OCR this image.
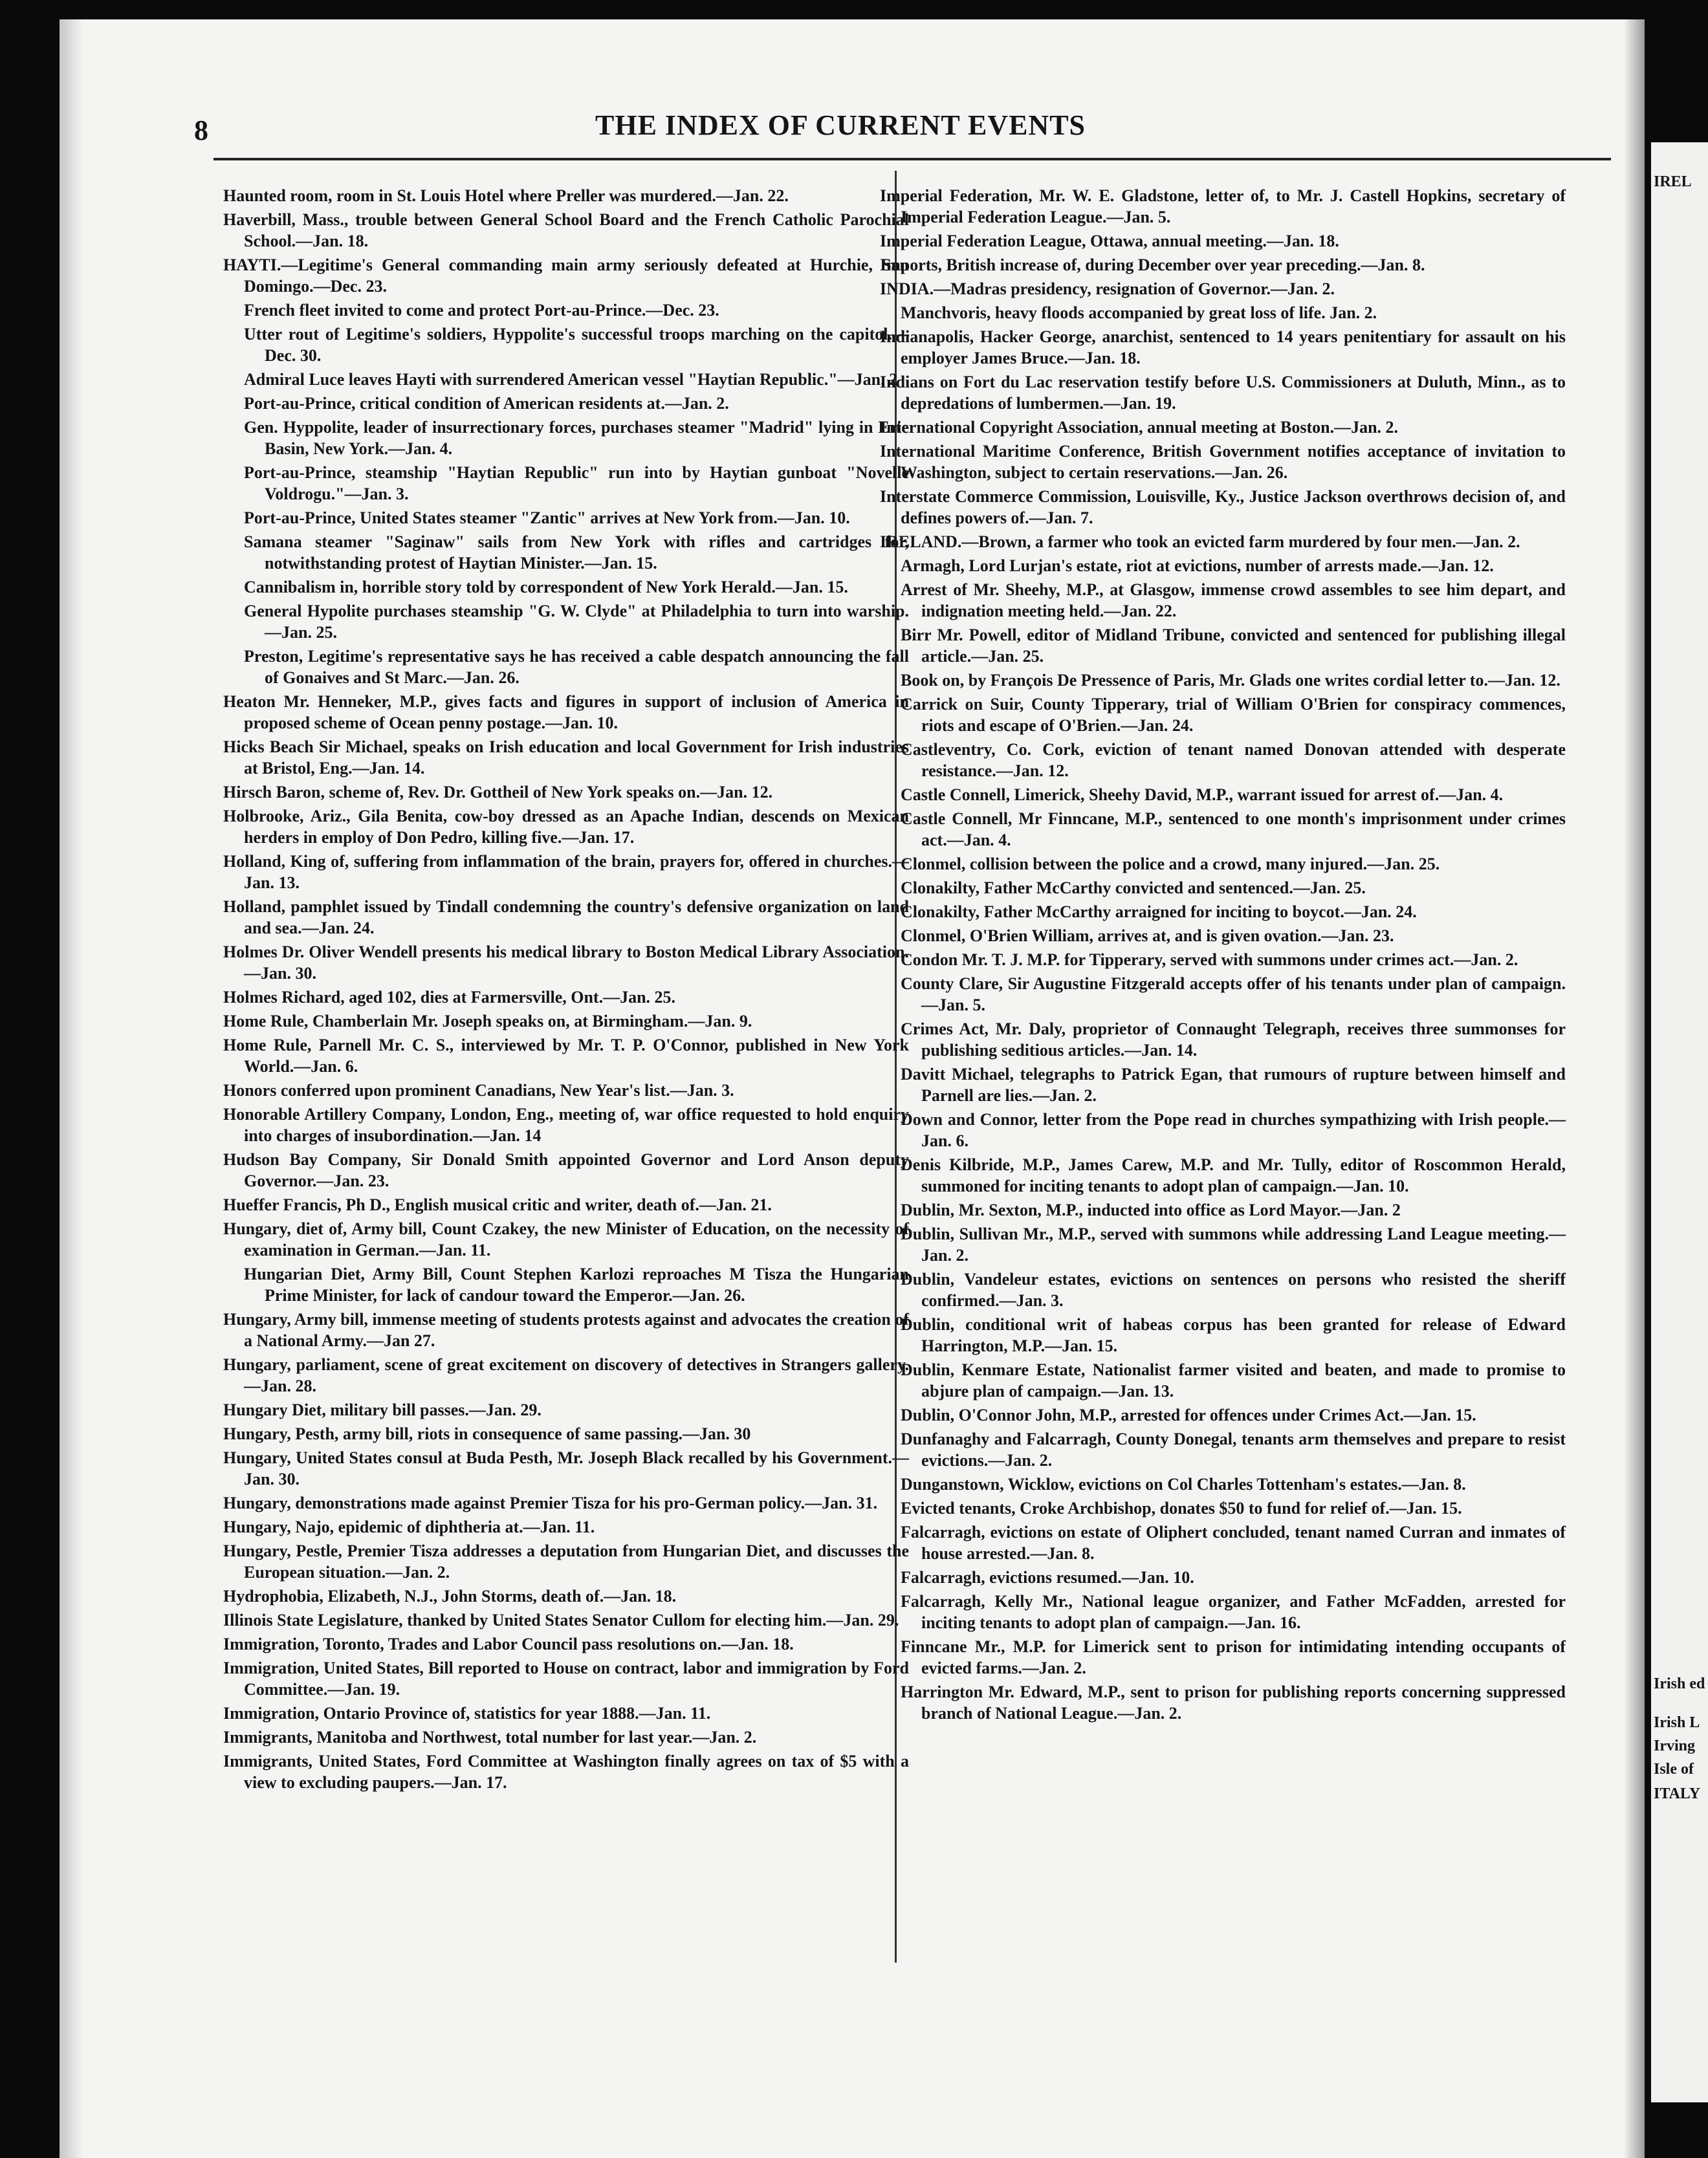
8	THE INDEX OF CURRENT EVENTS
Haunted room, room in St. Louis Hotel where Preller was murdered.—Jan. 22.
Haverbill, Mass., trouble between General School Board and the French Catholic Parochial School.—Jan. 18.
HAYTI.—Legitime's General commanding main army seriously defeated at Hurchie, San Domingo.—Dec. 23.
French fleet invited to come and protect Port-au-Prince.—Dec. 23.
Utter rout of Legitime's soldiers, Hyppolite's successful troops marching on the capitol.—Dec. 30.
Admiral Luce leaves Hayti with surrendered American vessel "Haytian Republic."—Jan. 2
Port-au-Prince, critical condition of American residents at.—Jan. 2.
Gen. Hyppolite, leader of insurrectionary forces, purchases steamer "Madrid" lying in Erie Basin, New York.—Jan. 4.
Port-au-Prince, steamship "Haytian Republic" run into by Haytian gunboat "Novelle Voldrogu."—Jan. 3.
Port-au-Prince, United States steamer "Zantic" arrives at New York from.—Jan. 10.
Samana steamer "Saginaw" sails from New York with rifles and cartridges for, notwithstanding protest of Haytian Minister.—Jan. 15.
Cannibalism in, horrible story told by correspondent of New York Herald.—Jan. 15.
General Hypolite purchases steamship "G. W. Clyde" at Philadelphia to turn into warship.—Jan. 25.
Preston, Legitime's representative says he has received a cable despatch announcing the fall of Gonaives and St Marc.—Jan. 26.
Heaton Mr. Henneker, M.P., gives facts and figures in support of inclusion of America in proposed scheme of Ocean penny postage.—Jan. 10.
Hicks Beach Sir Michael, speaks on Irish education and local Government for Irish industries at Bristol, Eng.—Jan. 14.
Hirsch Baron, scheme of, Rev. Dr. Gottheil of New York speaks on.—Jan. 12.
Holbrooke, Ariz., Gila Benita, cow-boy dressed as an Apache Indian, descends on Mexican herders in employ of Don Pedro, killing five.—Jan. 17.
Holland, King of, suffering from inflammation of the brain, prayers for, offered in churches.—Jan. 13.
Holland, pamphlet issued by Tindall condemning the country's defensive organization on land and sea.—Jan. 24.
Holmes Dr. Oliver Wendell presents his medical library to Boston Medical Library Association.—Jan. 30.
Holmes Richard, aged 102, dies at Farmersville, Ont.—Jan. 25.
Home Rule, Chamberlain Mr. Joseph speaks on, at Birmingham.—Jan. 9.
Home Rule, Parnell Mr. C. S., interviewed by Mr. T. P. O'Connor, published in New York World.—Jan. 6.
Honors conferred upon prominent Canadians, New Year's list.—Jan. 3.
Honorable Artillery Company, London, Eng., meeting of, war office requested to hold enquiry into charges of insubordination.—Jan. 14
Hudson Bay Company, Sir Donald Smith appointed Governor and Lord Anson deputy Governor.—Jan. 23.
Hueffer Francis, Ph D., English musical critic and writer, death of.—Jan. 21.
Hungary, diet of, Army bill, Count Czakey, the new Minister of Education, on the necessity of examination in German.—Jan. 11.
Hungarian Diet, Army Bill, Count Stephen Karlozi reproaches M Tisza the Hungarian Prime Minister, for lack of candour toward the Emperor.—Jan. 26.
Hungary, Army bill, immense meeting of students protests against and advocates the creation of a National Army.—Jan 27.
Hungary, parliament, scene of great excitement on discovery of detectives in Strangers gallery.—Jan. 28.
Hungary Diet, military bill passes.—Jan. 29.
Hungary, Pesth, army bill, riots in consequence of same passing.—Jan. 30
Hungary, United States consul at Buda Pesth, Mr. Joseph Black recalled by his Government.—Jan. 30.
Hungary, demonstrations made against Premier Tisza for his pro-German policy.—Jan. 31.
Hungary, Najo, epidemic of diphtheria at.—Jan. 11.
Hungary, Pestle, Premier Tisza addresses a deputation from Hungarian Diet, and discusses the European situation.—Jan. 2.
Hydrophobia, Elizabeth, N.J., John Storms, death of.—Jan. 18.
Illinois State Legislature, thanked by United States Senator Cullom for electing him.—Jan. 29.
Immigration, Toronto, Trades and Labor Council pass resolutions on.—Jan. 18.
Immigration, United States, Bill reported to House on contract, labor and immigration by Ford Committee.—Jan. 19.
Immigration, Ontario Province of, statistics for year 1888.—Jan. 11.
Immigrants, Manitoba and Northwest, total number for last year.—Jan. 2.
Immigrants, United States, Ford Committee at Washington finally agrees on tax of $5 with a view to excluding paupers.—Jan. 17.
Imperial Federation, Mr. W. E. Gladstone, letter of, to Mr. J. Castell Hopkins, secretary of Imperial Federation League.—Jan. 5.
Imperial Federation League, Ottawa, annual meeting.—Jan. 18.
Imports, British increase of, during December over year preceding.—Jan. 8.
INDIA.—Madras presidency, resignation of Governor.—Jan. 2.
Manchvoris, heavy floods accompanied by great loss of life. Jan. 2.
Indianapolis, Hacker George, anarchist, sentenced to 14 years penitentiary for assault on his employer James Bruce.—Jan. 18.
Indians on Fort du Lac reservation testify before U.S. Commissioners at Duluth, Minn., as to depredations of lumbermen.—Jan. 19.
International Copyright Association, annual meeting at Boston.—Jan. 2.
International Maritime Conference, British Government notifies acceptance of invitation to Washington, subject to certain reservations.—Jan. 26.
Interstate Commerce Commission, Louisville, Ky., Justice Jackson overthrows decision of, and defines powers of.—Jan. 7.
IRELAND.—Brown, a farmer who took an evicted farm murdered by four men.—Jan. 2.
Armagh, Lord Lurjan's estate, riot at evictions, number of arrests made.—Jan. 12.
Arrest of Mr. Sheehy, M.P., at Glasgow, immense crowd assembles to see him depart, and indignation meeting held.—Jan. 22.
Birr Mr. Powell, editor of Midland Tribune, convicted and sentenced for publishing illegal article.—Jan. 25.
Book on, by François De Pressence of Paris, Mr. Glads one writes cordial letter to.—Jan. 12.
Carrick on Suir, County Tipperary, trial of William O'Brien for conspiracy commences, riots and escape of O'Brien.—Jan. 24.
Castleventry, Co. Cork, eviction of tenant named Donovan attended with desperate resistance.—Jan. 12.
Castle Connell, Limerick, Sheehy David, M.P., warrant issued for arrest of.—Jan. 4.
Castle Connell, Mr Finncane, M.P., sentenced to one month's imprisonment under crimes act.—Jan. 4.
Clonmel, collision between the police and a crowd, many injured.—Jan. 25.
Clonakilty, Father McCarthy convicted and sentenced.—Jan. 25.
Clonakilty, Father McCarthy arraigned for inciting to boycot.—Jan. 24.
Clonmel, O'Brien William, arrives at, and is given ovation.—Jan. 23.
Condon Mr. T. J. M.P. for Tipperary, served with summons under crimes act.—Jan. 2.
County Clare, Sir Augustine Fitzgerald accepts offer of his tenants under plan of campaign.—Jan. 5.
Crimes Act, Mr. Daly, proprietor of Connaught Telegraph, receives three summonses for publishing seditious articles.—Jan. 14.
Davitt Michael, telegraphs to Patrick Egan, that rumours of rupture between himself and Parnell are lies.—Jan. 2.
Down and Connor, letter from the Pope read in churches sympathizing with Irish people.—Jan. 6.
Denis Kilbride, M.P., James Carew, M.P. and Mr. Tully, editor of Roscommon Herald, summoned for inciting tenants to adopt plan of campaign.—Jan. 10.
Dublin, Mr. Sexton, M.P., inducted into office as Lord Mayor.—Jan. 2
Dublin, Sullivan Mr., M.P., served with summons while addressing Land League meeting.—Jan. 2.
Dublin, Vandeleur estates, evictions on sentences on persons who resisted the sheriff confirmed.—Jan. 3.
Dublin, conditional writ of habeas corpus has been granted for release of Edward Harrington, M.P.—Jan. 15.
Dublin, Kenmare Estate, Nationalist farmer visited and beaten, and made to promise to abjure plan of campaign.—Jan. 13.
Dublin, O'Connor John, M.P., arrested for offences under Crimes Act.—Jan. 15.
Dunfanaghy and Falcarragh, County Donegal, tenants arm themselves and prepare to resist evictions.—Jan. 2.
Dunganstown, Wicklow, evictions on Col Charles Tottenham's estates.—Jan. 8.
Evicted tenants, Croke Archbishop, donates $50 to fund for relief of.—Jan. 15.
Falcarragh, evictions on estate of Oliphert concluded, tenant named Curran and inmates of house arrested.—Jan. 8.
Falcarragh, evictions resumed.—Jan. 10.
Falcarragh, Kelly Mr., National league organizer, and Father McFadden, arrested for inciting tenants to adopt plan of campaign.—Jan. 16.
Finncane Mr., M.P. for Limerick sent to prison for intimidating intending occupants of evicted farms.—Jan. 2.
Harrington Mr. Edward, M.P., sent to prison for publishing reports concerning suppressed branch of National League.—Jan. 2.
IREL
Irish ed
Irish L
Irving
Isle of
ITALY
